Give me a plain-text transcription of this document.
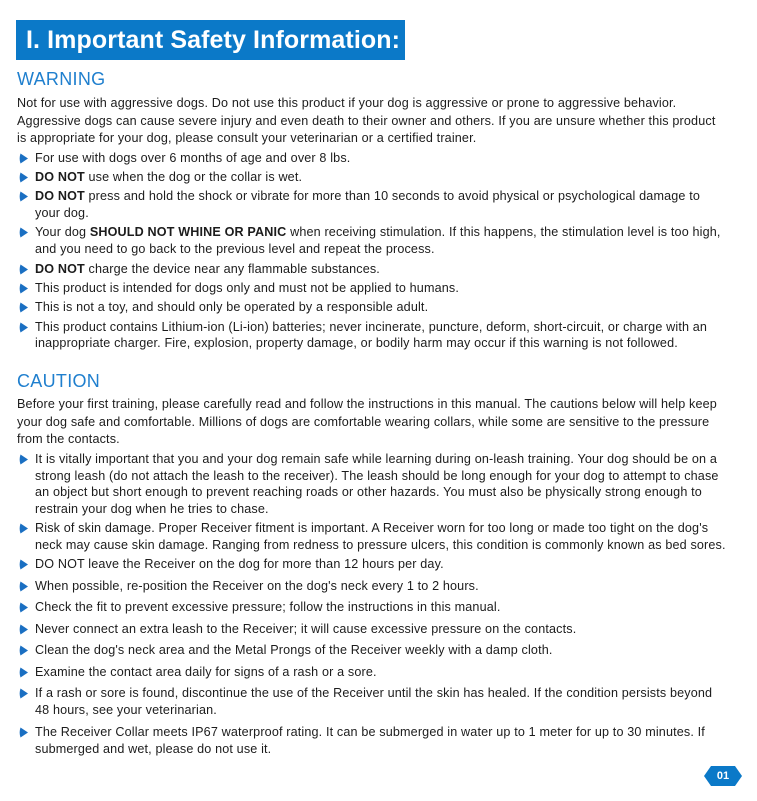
I. Important Safety Information:
WARNING
Not for use with aggressive dogs. Do not use this product if your dog is aggressive or prone to aggressive behavior. Aggressive dogs can cause severe injury and even death to their owner and others. If you are unsure whether this product is appropriate for your dog, please consult your veterinarian or a certified trainer.
For use with dogs over 6 months of age and over 8 lbs.
DO NOT use when the dog or the collar is wet.
DO NOT press and hold the shock or vibrate for more than 10 seconds to avoid physical or psychological damage to your dog.
Your dog SHOULD NOT WHINE OR PANIC when receiving stimulation. If this happens, the stimulation level is too high, and you need to go back to the previous level and repeat the process.
DO NOT charge the device near any flammable substances.
This product is intended for dogs only and must not be applied to humans.
This is not a toy, and should only be operated by a responsible adult.
This product contains Lithium-ion (Li-ion) batteries; never incinerate, puncture, deform, short-circuit, or charge with an inappropriate charger. Fire, explosion, property damage, or bodily harm may occur if this warning is not followed.
CAUTION
Before your first training, please carefully read and follow the instructions in this manual. The cautions below will help keep your dog safe and comfortable. Millions of dogs are comfortable wearing collars, while some are sensitive to the pressure from the contacts.
It is vitally important that you and your dog remain safe while learning during on-leash training. Your dog should be on a strong leash (do not attach the leash to the receiver). The leash should be long enough for your dog to attempt to chase an object but short enough to prevent reaching roads or other hazards. You must also be physically strong enough to restrain your dog when he tries to chase.
Risk of skin damage. Proper Receiver fitment is important. A Receiver worn for too long or made too tight on the dog's neck may cause skin damage. Ranging from redness to pressure ulcers, this condition is commonly known as bed sores.
DO NOT leave the Receiver on the dog for more than 12 hours per day.
When possible, re-position the Receiver on the dog's neck every 1 to 2 hours.
Check the fit to prevent excessive pressure; follow the instructions in this manual.
Never connect an extra leash to the Receiver; it will cause excessive pressure on the contacts.
Clean the dog's neck area and the Metal Prongs of the Receiver weekly with a damp cloth.
Examine the contact area daily for signs of a rash or a sore.
If a rash or sore is found, discontinue the use of the Receiver until the skin has healed. If the condition persists beyond 48 hours, see your veterinarian.
The Receiver Collar meets IP67 waterproof rating. It can be submerged in water up to 1 meter for up to 30 minutes. If submerged and wet, please do not use it.
01
